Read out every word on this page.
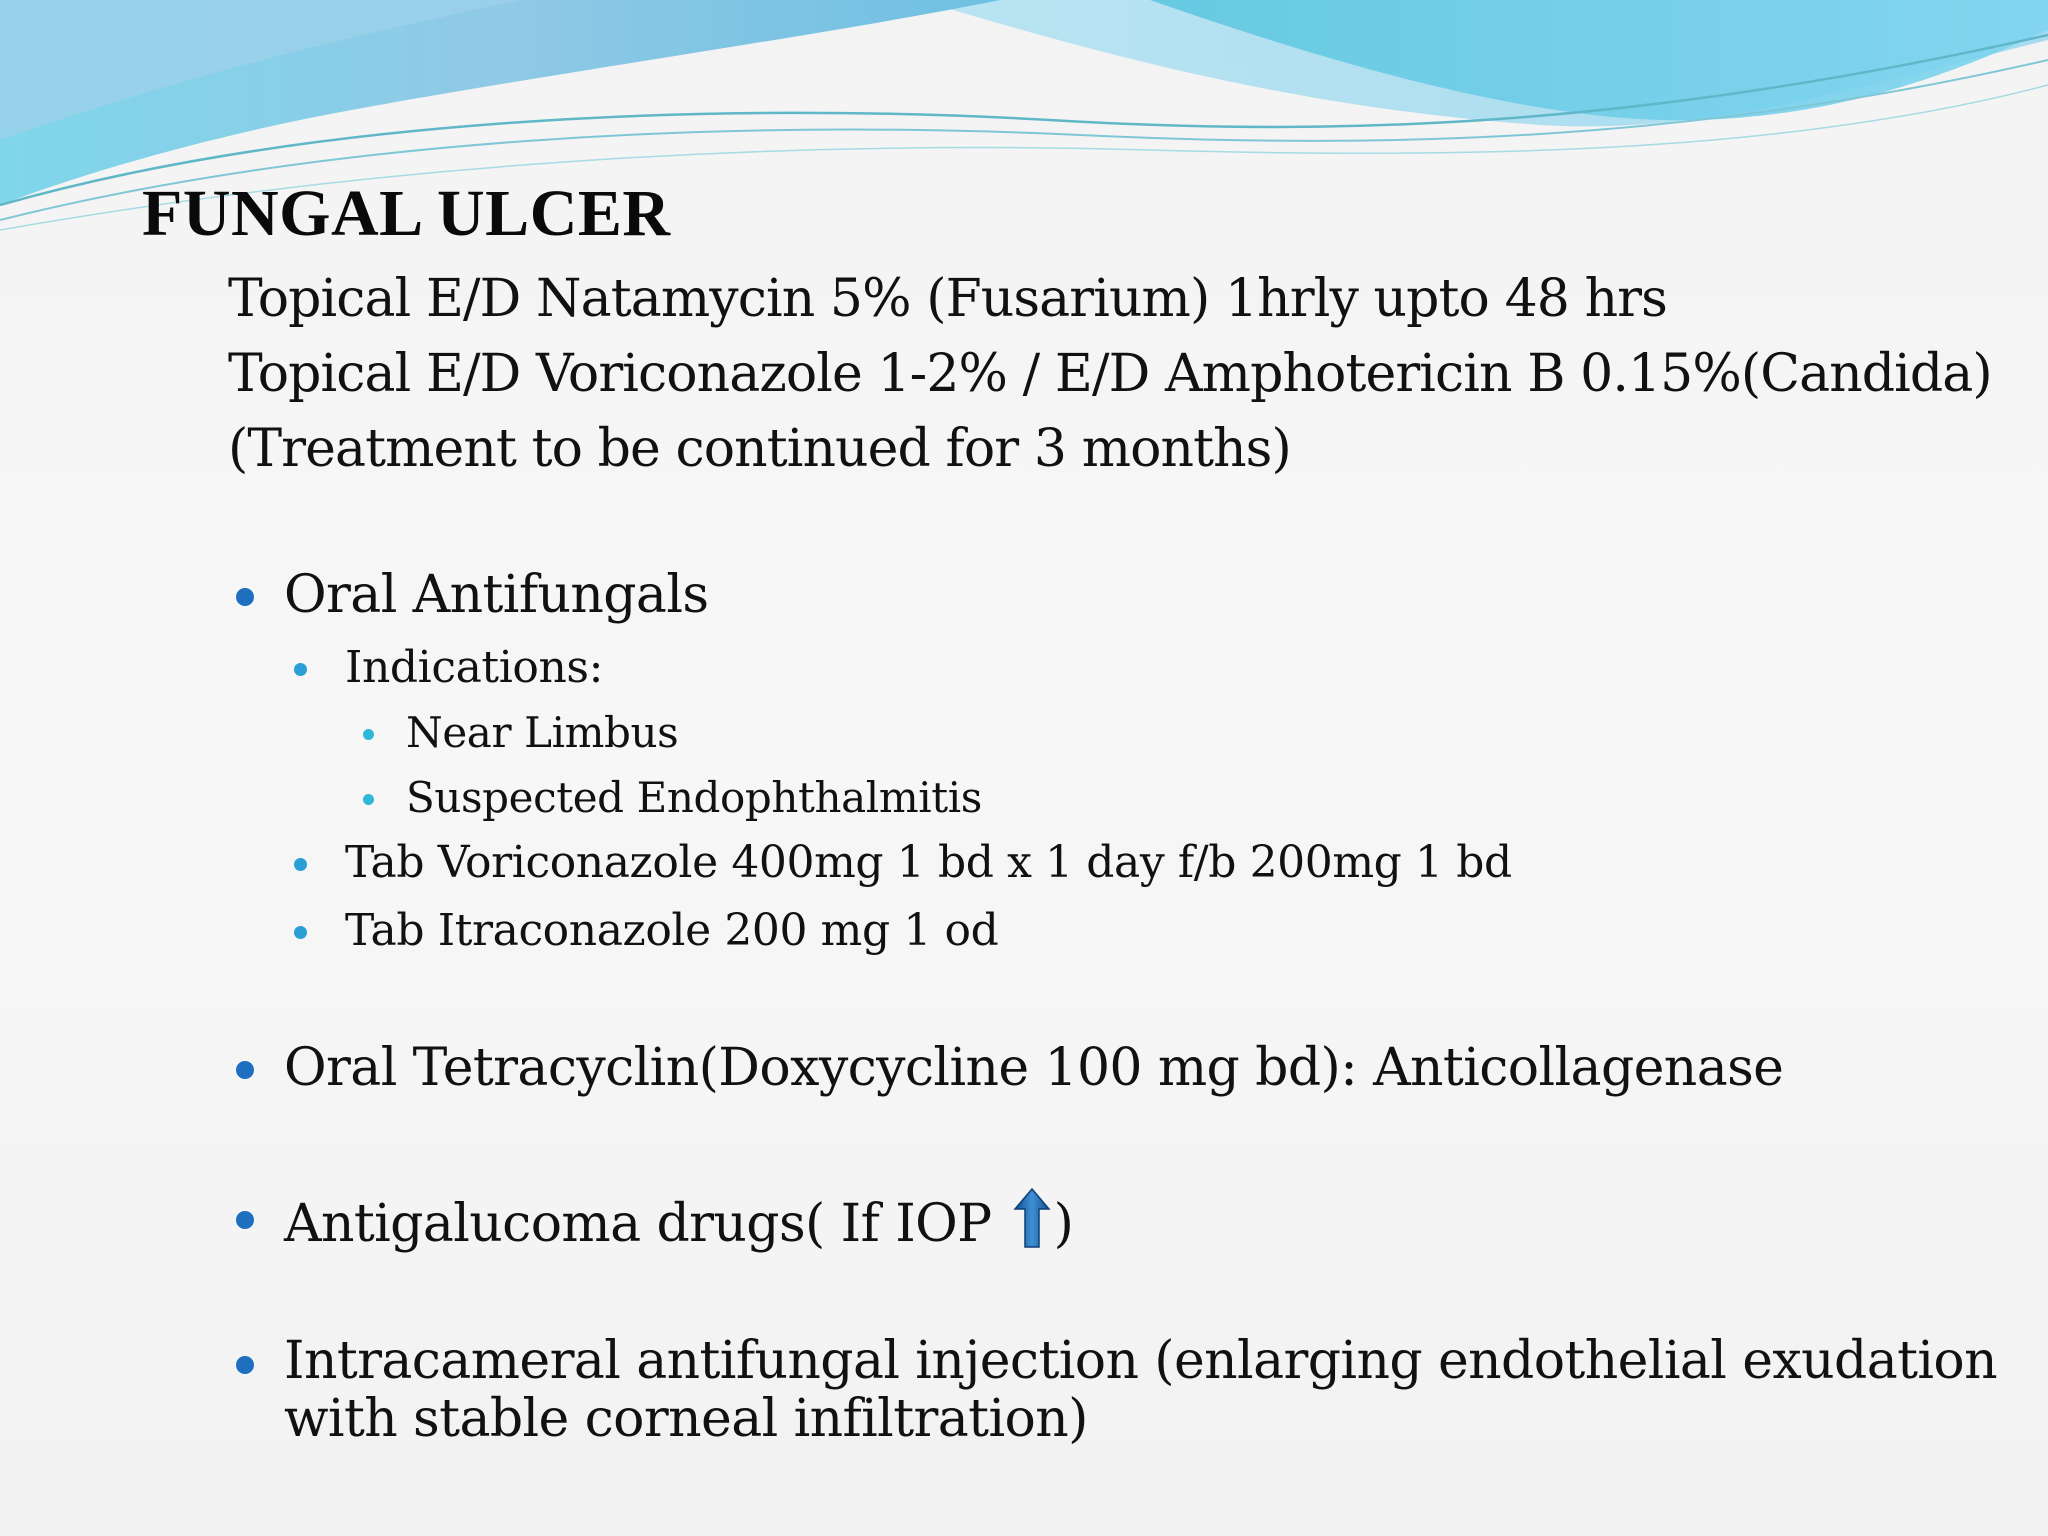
FUNGAL ULCER
Topical E/D Natamycin 5% (Fusarium) 1hrly upto 48 hrs
Topical E/D Voriconazole 1-2% / E/D Amphotericin B 0.15%(Candida)
(Treatment to be continued for 3 months)
Oral Antifungals
Indications:
Near Limbus
Suspected Endophthalmitis
Tab Voriconazole 400mg 1 bd x 1 day f/b 200mg 1 bd
Tab Itraconazole 200 mg 1 od
Oral Tetracyclin(Doxycycline 100 mg bd): Anticollagenase
Antigalucoma drugs( If IOP )
Intracameral antifungal injection (enlarging endothelial exudation
with stable corneal infiltration)
